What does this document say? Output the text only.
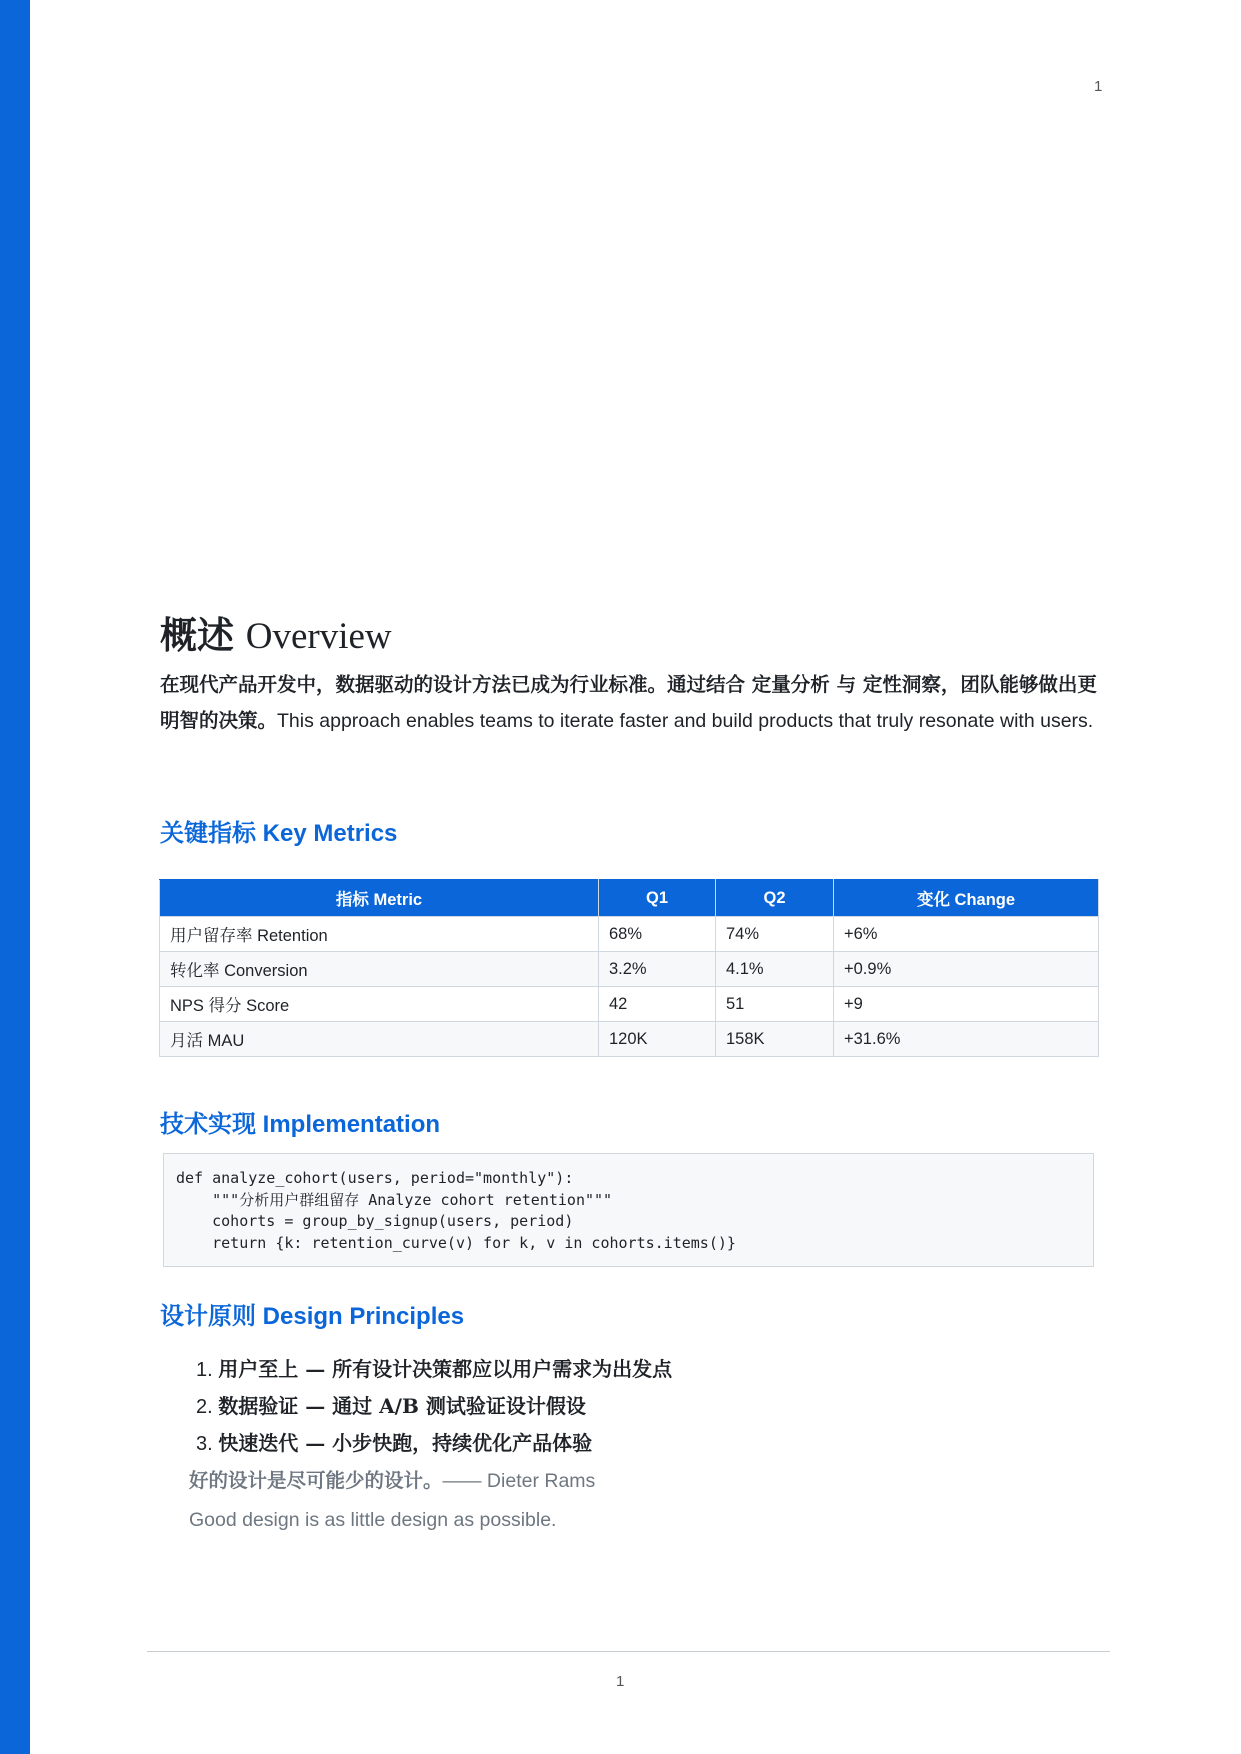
1
概述 Overview
在现代产品开发中，数据驱动的设计方法已成为行业标准。通过结合 定量分析 与 定性洞察，团队能够做出更明智的决策。This approach enables teams to iterate faster and build products that truly resonate with users.
关键指标 Key Metrics
指标 Metric	Q1	Q2	变化 Change
用户留存率 Retention	68%	74%	+6%
转化率 Conversion	3.2%	4.1%	+0.9%
NPS 得分 Score	42	51	+9
月活 MAU	120K	158K	+31.6%
技术实现 Implementation
def analyze_cohort(users, period="monthly"):
"""分析用户群组留存 Analyze cohort retention"""
cohorts = group_by_signup(users, period)
return {k: retention_curve(v) for k, v in cohorts.items()}
设计原则 Design Principles
1. 用户至上 — 所有设计决策都应以用户需求为出发点
2. 数据验证 — 通过 A/B 测试验证设计假设
3. 快速迭代 — 小步快跑，持续优化产品体验
好的设计是尽可能少的设计。—— Dieter Rams
Good design is as little design as possible.
1
